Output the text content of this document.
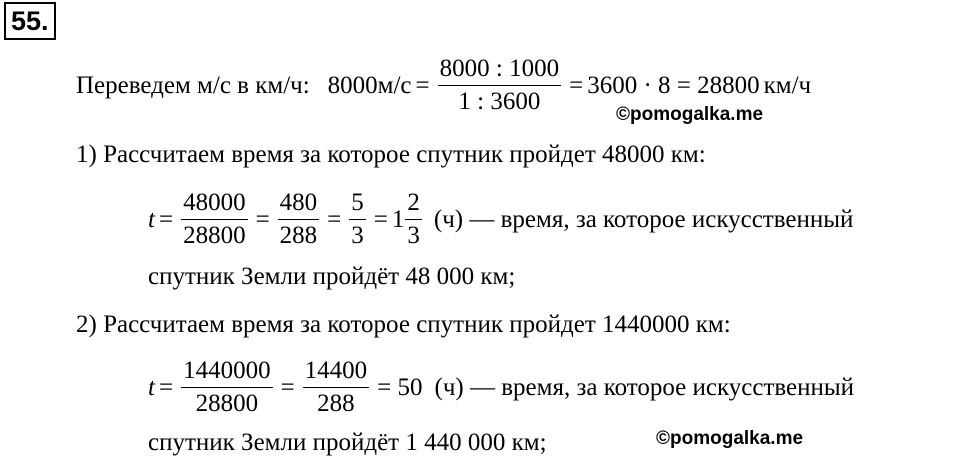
55.
Переведем м/с в км/ч: $8000м/с = \frac{8000 : 1000}{1 : 3600} = 3600 \cdot 8 = 28800$ км/ч
©pomogalka.me
1) Рассчитаем время за которое спутник пройдет 48000 км:
$t = \frac{48000}{28800} = \frac{480}{288} = \frac{5}{3} = 1 \frac{2}{3} (ч)$ — время, за которое искусственный
спутник Земли пройдёт 48 000 км;
2) Рассчитаем время за которое спутник пройдет 1440000 км:
$t = \frac{1440000}{28800} = \frac{14400}{288} = 50$ (ч) — время, за которое искусственный
спутник Земли пройдёт 1 440 000 км;	©pomogalka.me
